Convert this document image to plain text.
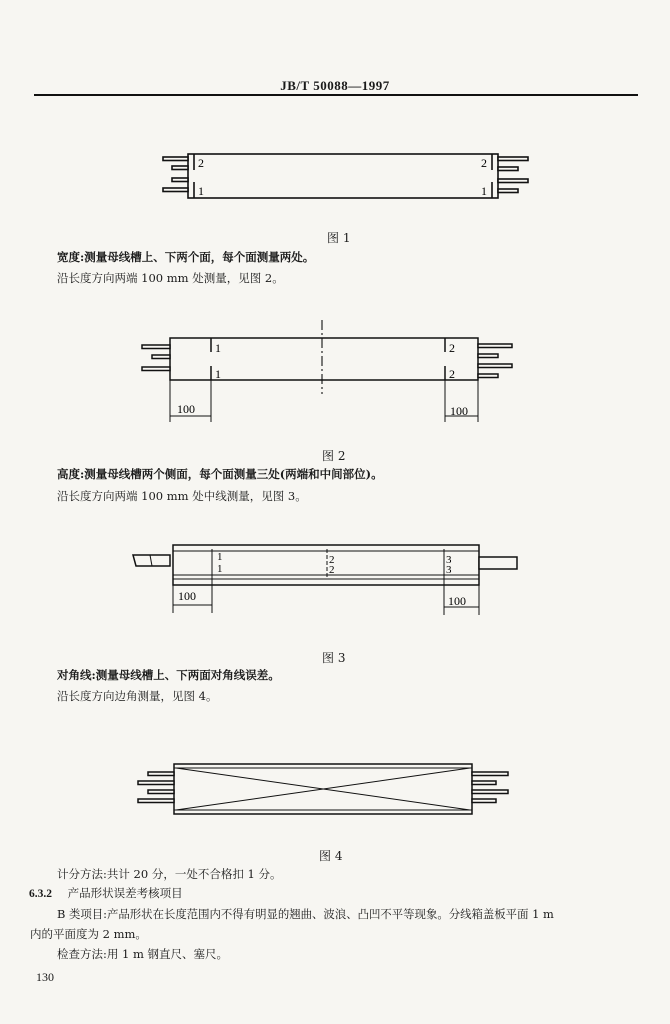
JB/T 50088—1997
2
1
2
1
图 1
宽度:测量母线槽上、下两个面，每个面测量两处。
沿长度方向两端 100 mm 处测量，见图 2。
1
1
2
2
100	100
图 2
高度:测量母线槽两个侧面，每个面测量三处(两端和中间部位)。
沿长度方向两端 100 mm 处中线测量，见图 3。
1
1
2
2
3
3
100	100
图 3
对角线:测量母线槽上、下两面对角线误差。
沿长度方向边角测量，见图 4。
图 4
计分方法:共计 20 分，一处不合格扣 1 分。
6.3.2 产品形状误差考核项目
B 类项目:产品形状在长度范围内不得有明显的翘曲、波浪、凸凹不平等现象。分线箱盖板平面 1 m
内的平面度为 2 mm。
检查方法:用 1 m 钢直尺、塞尺。
130
